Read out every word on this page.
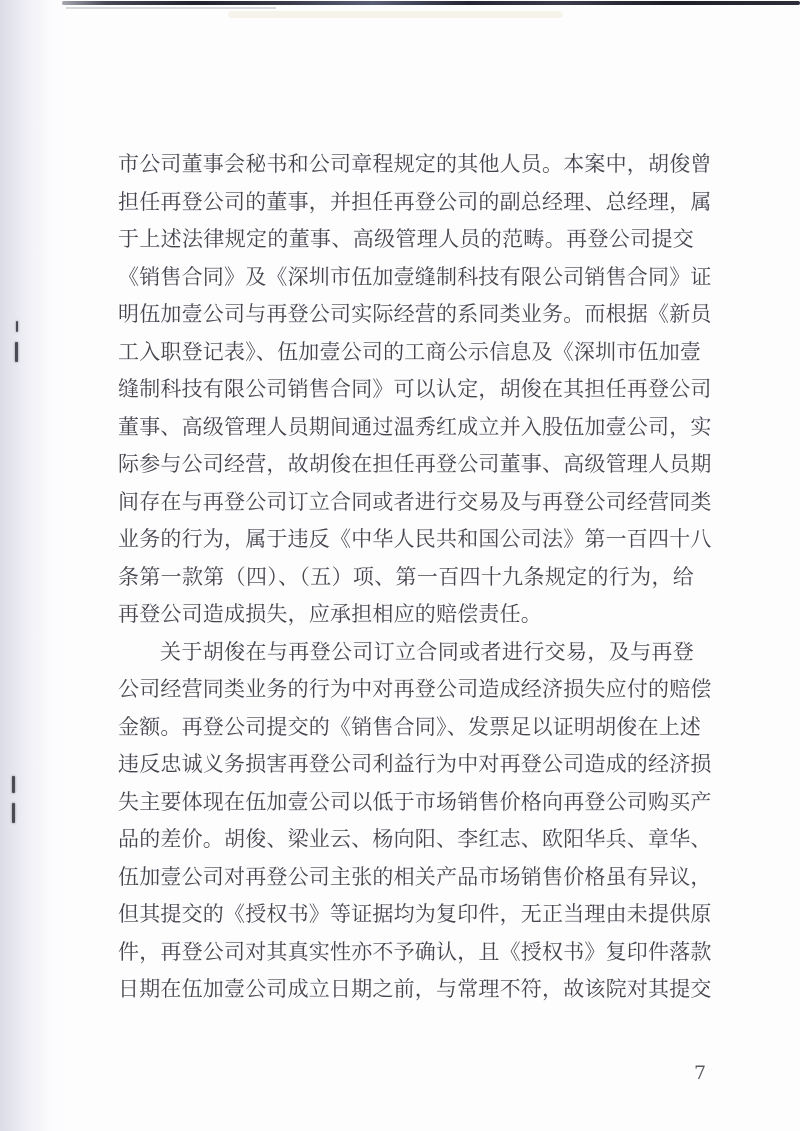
市公司董事会秘书和公司章程规定的其他人员。本案中，胡俊曾
担任再登公司的董事，并担任再登公司的副总经理、总经理，属
于上述法律规定的董事、高级管理人员的范畴。再登公司提交
《销售合同》及《深圳市伍加壹缝制科技有限公司销售合同》证
明伍加壹公司与再登公司实际经营的系同类业务。而根据《新员
工入职登记表》、伍加壹公司的工商公示信息及《深圳市伍加壹
缝制科技有限公司销售合同》可以认定，胡俊在其担任再登公司
董事、高级管理人员期间通过温秀红成立并入股伍加壹公司，实
际参与公司经营，故胡俊在担任再登公司董事、高级管理人员期
间存在与再登公司订立合同或者进行交易及与再登公司经营同类
业务的行为，属于违反《中华人民共和国公司法》第一百四十八
条第一款第（四）、（五）项、第一百四十九条规定的行为，给
再登公司造成损失，应承担相应的赔偿责任。
关于胡俊在与再登公司订立合同或者进行交易，及与再登
公司经营同类业务的行为中对再登公司造成经济损失应付的赔偿
金额。再登公司提交的《销售合同》、发票足以证明胡俊在上述
违反忠诚义务损害再登公司利益行为中对再登公司造成的经济损
失主要体现在伍加壹公司以低于市场销售价格向再登公司购买产
品的差价。胡俊、梁业云、杨向阳、李红志、欧阳华兵、章华、
伍加壹公司对再登公司主张的相关产品市场销售价格虽有异议，
但其提交的《授权书》等证据均为复印件，无正当理由未提供原
件，再登公司对其真实性亦不予确认，且《授权书》复印件落款
日期在伍加壹公司成立日期之前，与常理不符，故该院对其提交
7
